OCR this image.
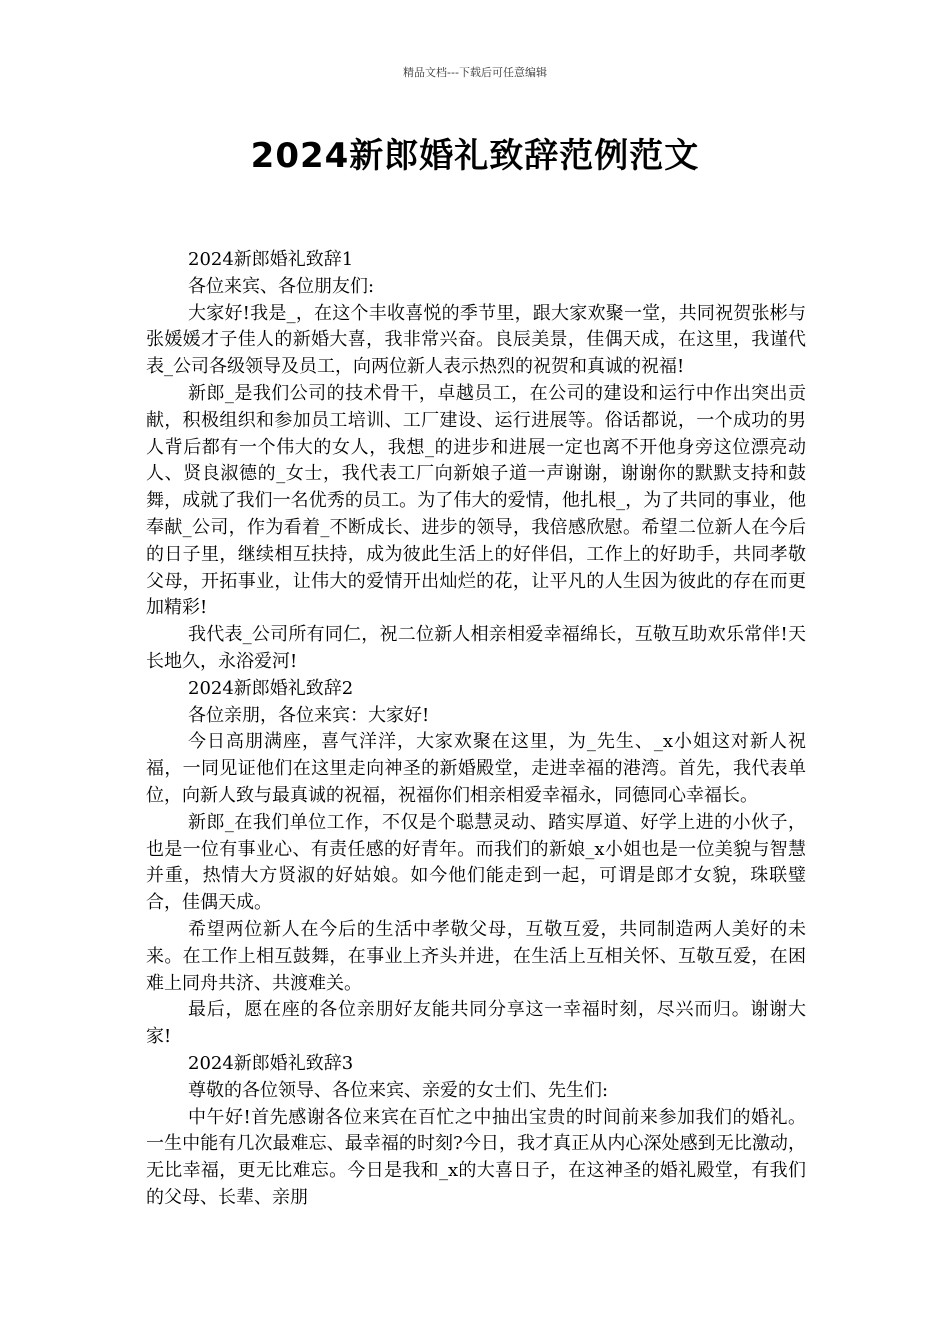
精品文档---下载后可任意编辑
2024新郎婚礼致辞范例范文
2024新郎婚礼致辞1
各位来宾、各位朋友们:
大家好!我是_，在这个丰收喜悦的季节里，跟大家欢聚一堂，共同祝贺张彬与张媛媛才子佳人的新婚大喜，我非常兴奋。良辰美景，佳偶天成，在这里，我谨代表_公司各级领导及员工，向两位新人表示热烈的祝贺和真诚的祝福!
新郎_是我们公司的技术骨干，卓越员工，在公司的建设和运行中作出突出贡献，积极组织和参加员工培训、工厂建设、运行进展等。俗话都说，一个成功的男人背后都有一个伟大的女人，我想_的进步和进展一定也离不开他身旁这位漂亮动人、贤良淑德的_女士，我代表工厂向新娘子道一声谢谢，谢谢你的默默支持和鼓舞，成就了我们一名优秀的员工。为了伟大的爱情，他扎根_，为了共同的事业，他奉献_公司，作为看着_不断成长、进步的领导，我倍感欣慰。希望二位新人在今后的日子里，继续相互扶持，成为彼此生活上的好伴侣，工作上的好助手，共同孝敬父母，开拓事业，让伟大的爱情开出灿烂的花，让平凡的人生因为彼此的存在而更加精彩!
我代表_公司所有同仁，祝二位新人相亲相爱幸福绵长，互敬互助欢乐常伴!天长地久，永浴爱河!
2024新郎婚礼致辞2
各位亲朋，各位来宾：大家好!
今日高朋满座，喜气洋洋，大家欢聚在这里，为_先生、_x小姐这对新人祝福，一同见证他们在这里走向神圣的新婚殿堂，走进幸福的港湾。首先，我代表单位，向新人致与最真诚的祝福，祝福你们相亲相爱幸福永，同德同心幸福长。
新郎_在我们单位工作，不仅是个聪慧灵动、踏实厚道、好学上进的小伙子，也是一位有事业心、有责任感的好青年。而我们的新娘_x小姐也是一位美貌与智慧并重，热情大方贤淑的好姑娘。如今他们能走到一起，可谓是郎才女貌，珠联璧合，佳偶天成。
希望两位新人在今后的生活中孝敬父母，互敬互爱，共同制造两人美好的未来。在工作上相互鼓舞，在事业上齐头并进，在生活上互相关怀、互敬互爱，在困难上同舟共济、共渡难关。
最后，愿在座的各位亲朋好友能共同分享这一幸福时刻，尽兴而归。谢谢大家!
2024新郎婚礼致辞3
尊敬的各位领导、各位来宾、亲爱的女士们、先生们:
中午好!首先感谢各位来宾在百忙之中抽出宝贵的时间前来参加我们的婚礼。一生中能有几次最难忘、最幸福的时刻?今日，我才真正从内心深处感到无比激动，无比幸福，更无比难忘。今日是我和_x的大喜日子，在这神圣的婚礼殿堂，有我们的父母、长辈、亲朋
